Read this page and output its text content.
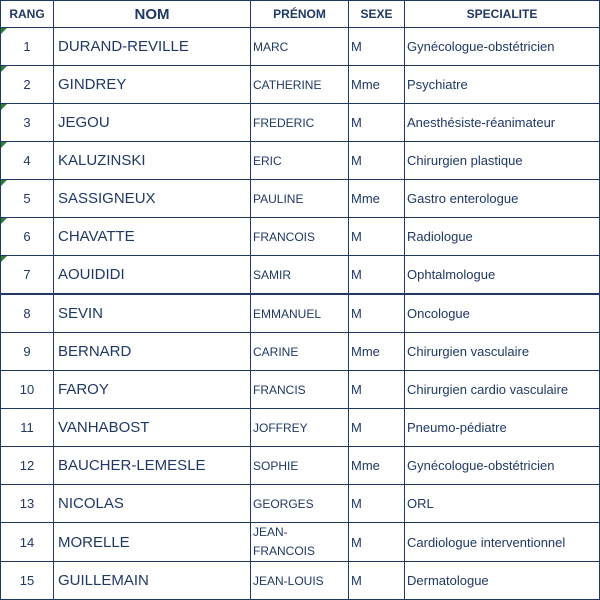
RANG	NOM	PRÉNOM	SEXE	SPECIALITE

1	DURAND-REVILLE	MARC	M	Gynécologue-obstétricien

2	GINDREY	CATHERINE	Mme	Psychiatre

3	JEGOU	FREDERIC	M	Anesthésiste-réanimateur

4	KALUZINSKI	ERIC	M	Chirurgien plastique

5	SASSIGNEUX	PAULINE	Mme	Gastro enterologue

6	CHAVATTE	FRANCOIS	M	Radiologue

7	AOUIDIDI	SAMIR	M	Ophtalmologue
8	SEVIN	EMMANUEL	M	Oncologue
9	BERNARD	CARINE	Mme	Chirurgien vasculaire
10	FAROY	FRANCIS	M	Chirurgien cardio vasculaire
11	VANHABOST	JOFFREY	M	Pneumo-pédiatre
12	BAUCHER-LEMESLE	SOPHIE	Mme	Gynécologue-obstétricien
13	NICOLAS	GEORGES	M	ORL
14	MORELLE	JEAN-FRANCOIS	M	Cardiologue interventionnel
15	GUILLEMAIN	JEAN-LOUIS	M	Dermatologue
